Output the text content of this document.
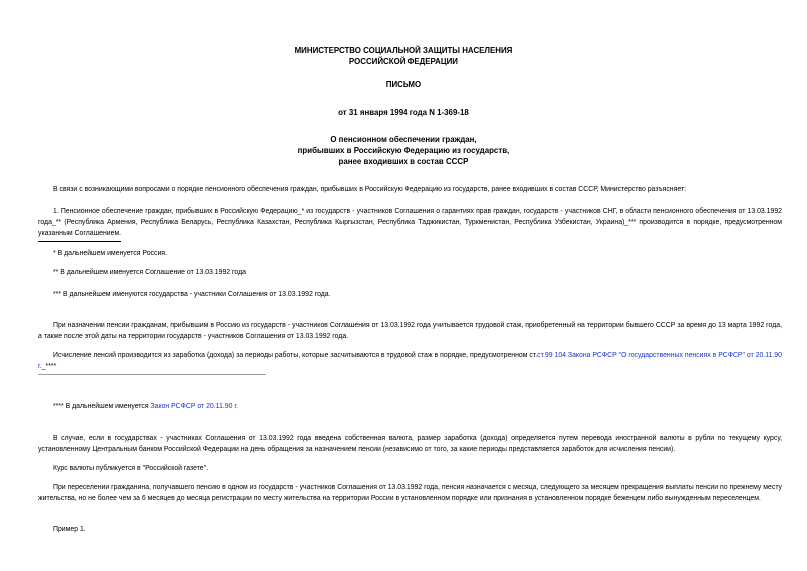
МИНИСТЕРСТВО СОЦИАЛЬНОЙ ЗАЩИТЫ НАСЕЛЕНИЯ
РОССИЙСКОЙ ФЕДЕРАЦИИ
ПИСЬМО
от 31 января 1994 года N 1-369-18
О пенсионном обеспечении граждан,
прибывших в Российскую Федерацию из государств,
ранее входивших в состав СССР
В связи с возникающими вопросами о порядке пенсионного обеспечения граждан, прибывших в Российскую Федерацию из государств, ранее входивших в состав СССР, Министерство разъясняет:
1. Пенсионное обеспечение граждан, прибывших в Российскую Федерацию_* из государств - участников Соглашения о гарантиях прав граждан, государств - участников СНГ, в области пенсионного обеспечения от 13.03.1992 года_** (Республика Армения, Республика Беларусь, Республика Казахстан, Республика Кыргызстан, Республика Таджикистан, Туркменистан, Республика Узбекистан, Украина)_*** производится в порядке, предусмотренном указанным Соглашением.
* В дальнейшем именуется Россия.
** В дальнейшем именуется Соглашение от 13.03.1992 года
*** В дальнейшем именуются государства - участники Соглашения от 13.03.1992 года.
При назначении пенсии гражданам, прибывшим в Россию из государств - участников Соглашения от 13.03.1992 года учитывается трудовой стаж, приобретенный на территории бывшего СССР за время до 13 марта 1992 года, а также после этой даты на территории государств - участников Соглашения от 13.03.1992 года.
Исчисление пенсий производится из заработка (дохода) за периоды работы, которые засчитываются в трудовой стаж в порядке, предусмотренном ст.ст.99 104 Закона РСФСР "О государственных пенсиях в РСФСР" от 20.11.90 г._****
**** В дальнейшем именуется Закон РСФСР от 20.11.90 г.
В случае, если в государствах - участниках Соглашения от 13.03.1992 года введена собственная валюта, размер заработка (дохода) определяется путем перевода иностранной валюты в рубли по текущему курсу, установленному Центральным банком Российской Федерации на день обращения за назначением пенсии (независимо от того, за какие периоды представляется заработок для исчисления пенсии).
Курс валюты публикуется в "Российской газете".
При переселении гражданина, получавшего пенсию в одном из государств - участников Соглашения от 13.03.1992 года, пенсия назначается с месяца, следующего за месяцем прекращения выплаты пенсии по прежнему месту жительства, но не более чем за 6 месяцев до месяца регистрации по месту жительства на территории России в установленном порядке или признания в установленном порядке беженцем либо вынужденным переселенцем.
Пример 1.
